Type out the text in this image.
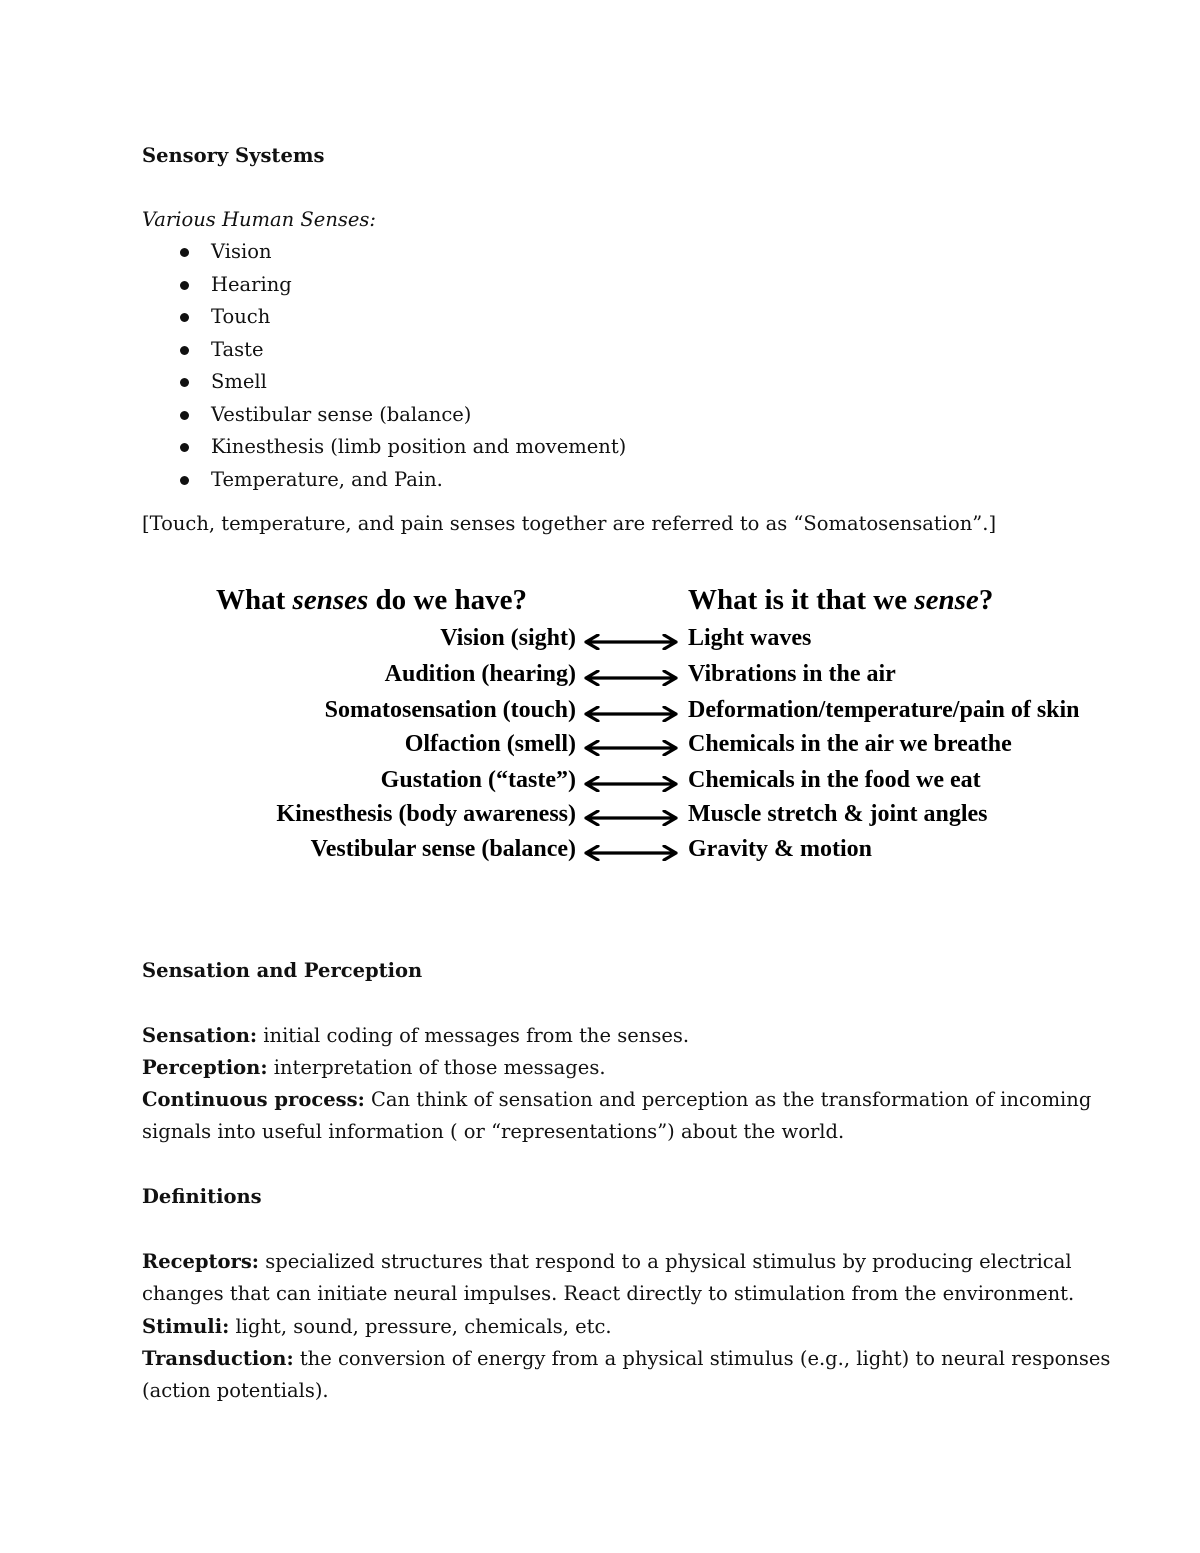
Sensory Systems
Various Human Senses:
Vision
Hearing
Touch
Taste
Smell
Vestibular sense (balance)
Kinesthesis (limb position and movement)
Temperature, and Pain.
[Touch, temperature, and pain senses together are referred to as “Somatosensation”.]
What senses do we have?	What is it that we sense?
Vision (sight)
Audition (hearing)
Somatosensation (touch)
Olfaction (smell)
Gustation (“taste”)
Kinesthesis (body awareness)
Vestibular sense (balance)
Light waves
Vibrations in the air
Deformation/temperature/pain of skin
Chemicals in the air we breathe
Chemicals in the food we eat
Muscle stretch & joint angles
Gravity & motion
Sensation and Perception
Sensation: initial coding of messages from the senses.
Perception: interpretation of those messages.
Continuous process: Can think of sensation and perception as the transformation of incoming
signals into useful information ( or “representations”) about the world.
Definitions
Receptors: specialized structures that respond to a physical stimulus by producing electrical
changes that can initiate neural impulses. React directly to stimulation from the environment.
Stimuli: light, sound, pressure, chemicals, etc.
Transduction: the conversion of energy from a physical stimulus (e.g., light) to neural responses
(action potentials).
